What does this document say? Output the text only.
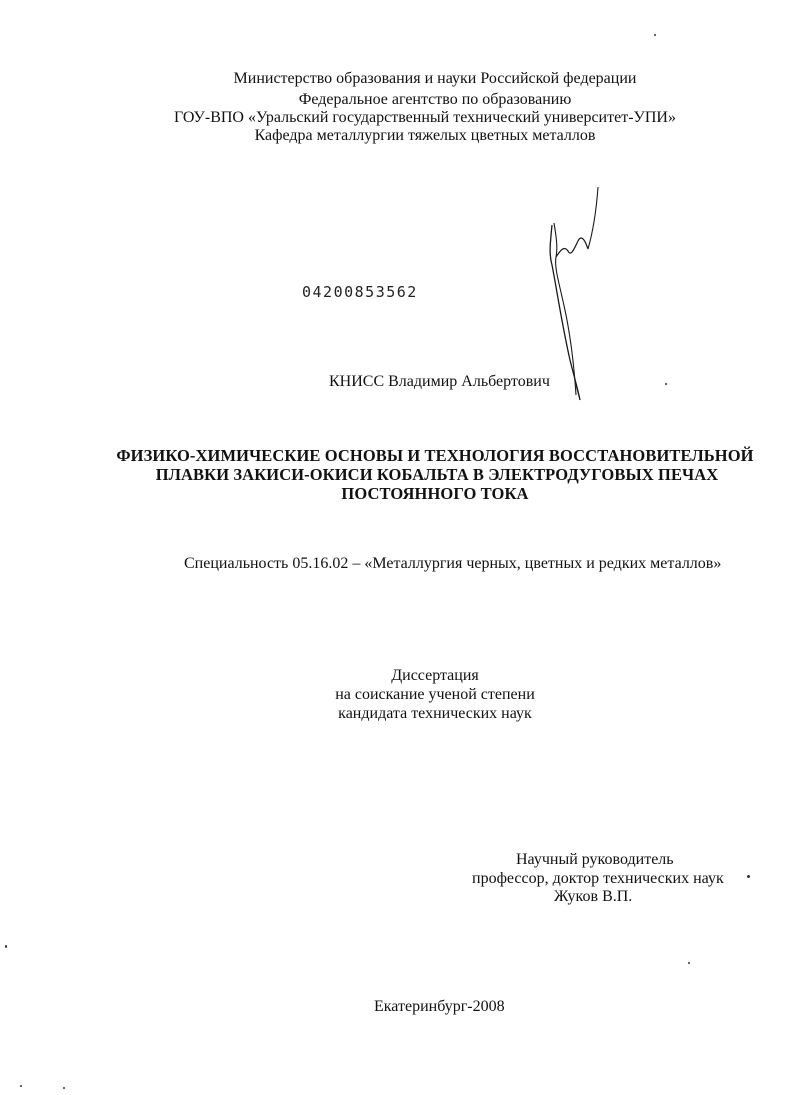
Министерство образования и науки Российской федерации
Федеральное агентство по образованию
ГОУ-ВПО «Уральский государственный технический университет-УПИ»
Кафедра металлургии тяжелых цветных металлов
04200853562
КНИСС Владимир Альбертович
ФИЗИКО-ХИМИЧЕСКИЕ ОСНОВЫ И ТЕХНОЛОГИЯ ВОССТАНОВИТЕЛЬНОЙ
ПЛАВКИ ЗАКИСИ-ОКИСИ КОБАЛЬТА В ЭЛЕКТРОДУГОВЫХ ПЕЧАХ
ПОСТОЯННОГО ТОКА
Специальность 05.16.02 – «Металлургия черных, цветных и редких металлов»
Диссертация
на соискание ученой степени
кандидата технических наук
Научный руководитель
профессор, доктор технических наук
Жуков В.П.
Екатеринбург-2008
